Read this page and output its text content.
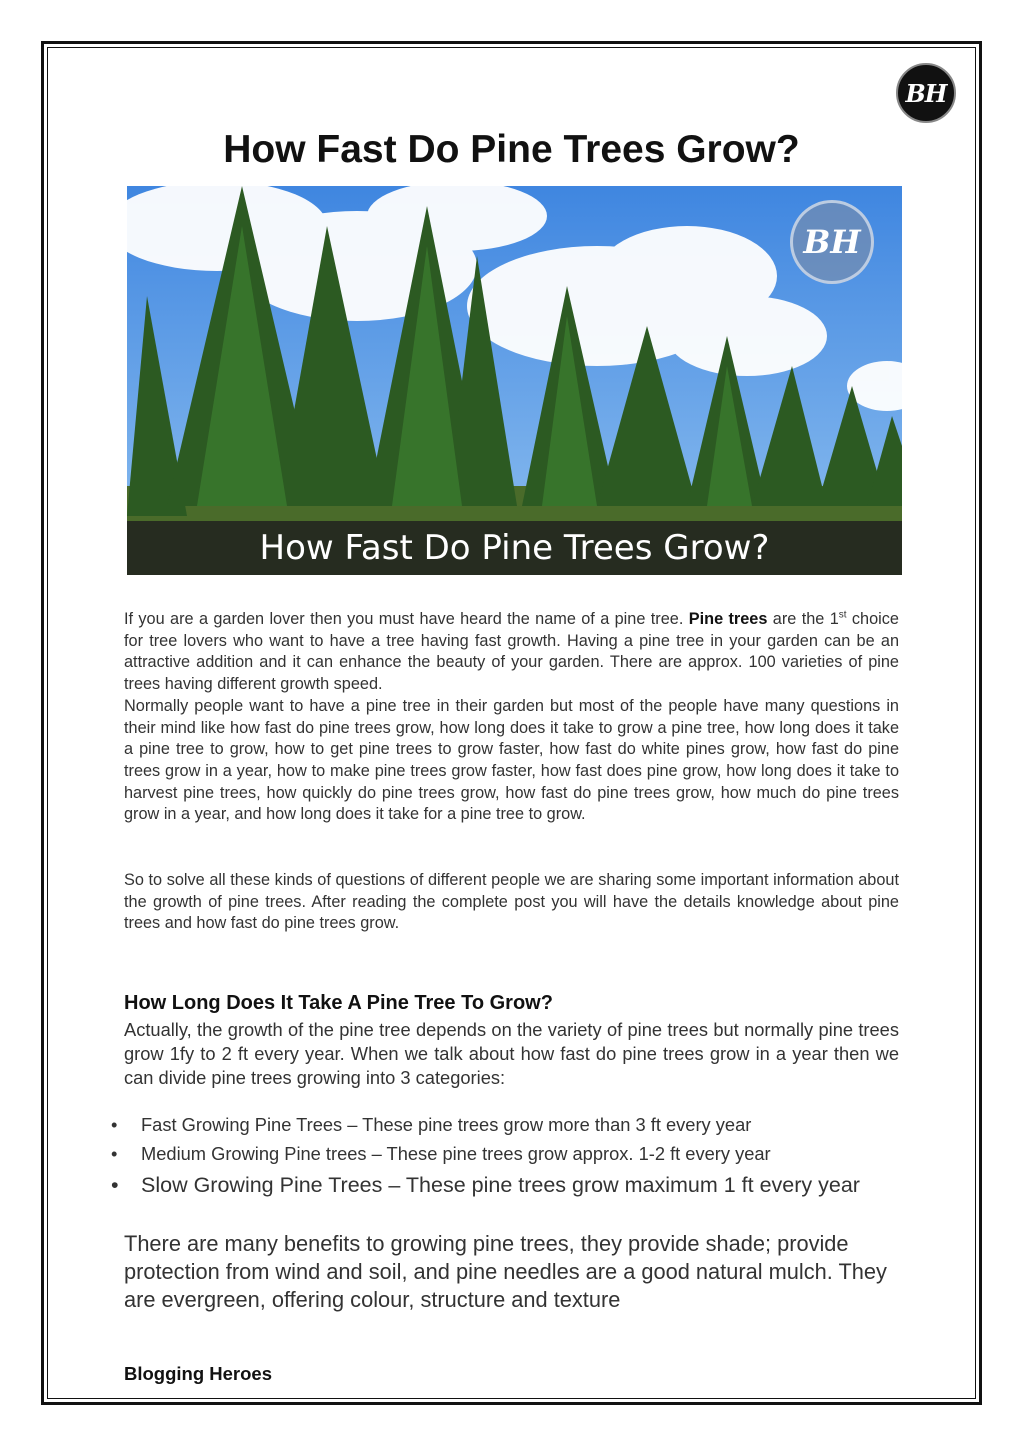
BH
How Fast Do Pine Trees Grow?
BH
How Fast Do Pine Trees Grow?

If you are a garden lover then you must have heard the name of a pine tree. Pine trees are the 1st choice for tree lovers who want to have a tree having fast growth. Having a pine tree in your garden can be an attractive addition and it can enhance the beauty of your garden. There are approx. 100 varieties of pine trees having different growth speed.
Normally people want to have a pine tree in their garden but most of the people have many questions in their mind like how fast do pine trees grow, how long does it take to grow a pine tree, how long does it take a pine tree to grow, how to get pine trees to grow faster, how fast do white pines grow, how fast do pine trees grow in a year, how to make pine trees grow faster, how fast does pine grow, how long does it take to harvest pine trees, how quickly do pine trees grow, how fast do pine trees grow, how much do pine trees grow in a year, and how long does it take for a pine tree to grow.

So to solve all these kinds of questions of different people we are sharing some important information about the growth of pine trees. After reading the complete post you will have the details knowledge about pine trees and how fast do pine trees grow.

How Long Does It Take A Pine Tree To Grow?

Actually, the growth of the pine tree depends on the variety of pine trees but normally pine trees grow 1fy to 2 ft every year. When we talk about how fast do pine trees grow in a year then we can divide pine trees growing into 3 categories:

• Fast Growing Pine Trees – These pine trees grow more than 3 ft every year
• Medium Growing Pine trees – These pine trees grow approx. 1-2 ft every year
• Slow Growing Pine Trees – These pine trees grow maximum 1 ft every year

There are many benefits to growing pine trees, they provide shade; provide protection from wind and soil, and pine needles are a good natural mulch. They are evergreen, offering colour, structure and texture

Blogging Heroes
